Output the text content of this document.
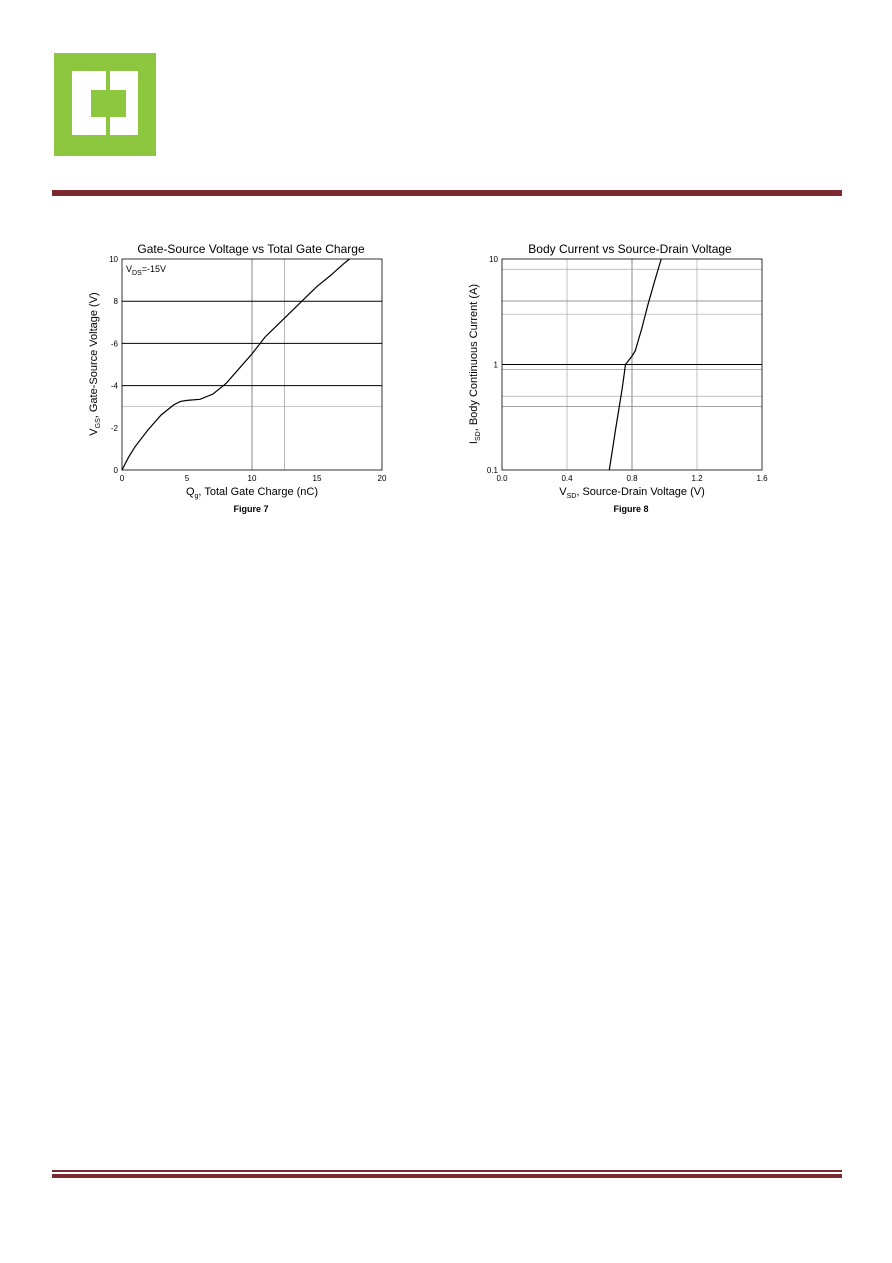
Gate-Source Voltage vs Total Gate Charge
0	5	10	15	20
0
-2
-4
-6
8
10
$V_{DS}=-15V$
$Q_g$, Total Gate Charge (nC)
$V_{GS}$, Gate-Source Voltage (V)
Figure 7
Body Current vs Source-Drain Voltage
0.0	0.4	0.8	1.2	1.6
0.1
1
10
$V_{SD}$, Source-Drain Voltage (V)
$I_{SD}$, Body Continuous Current (A)
Figure 8
